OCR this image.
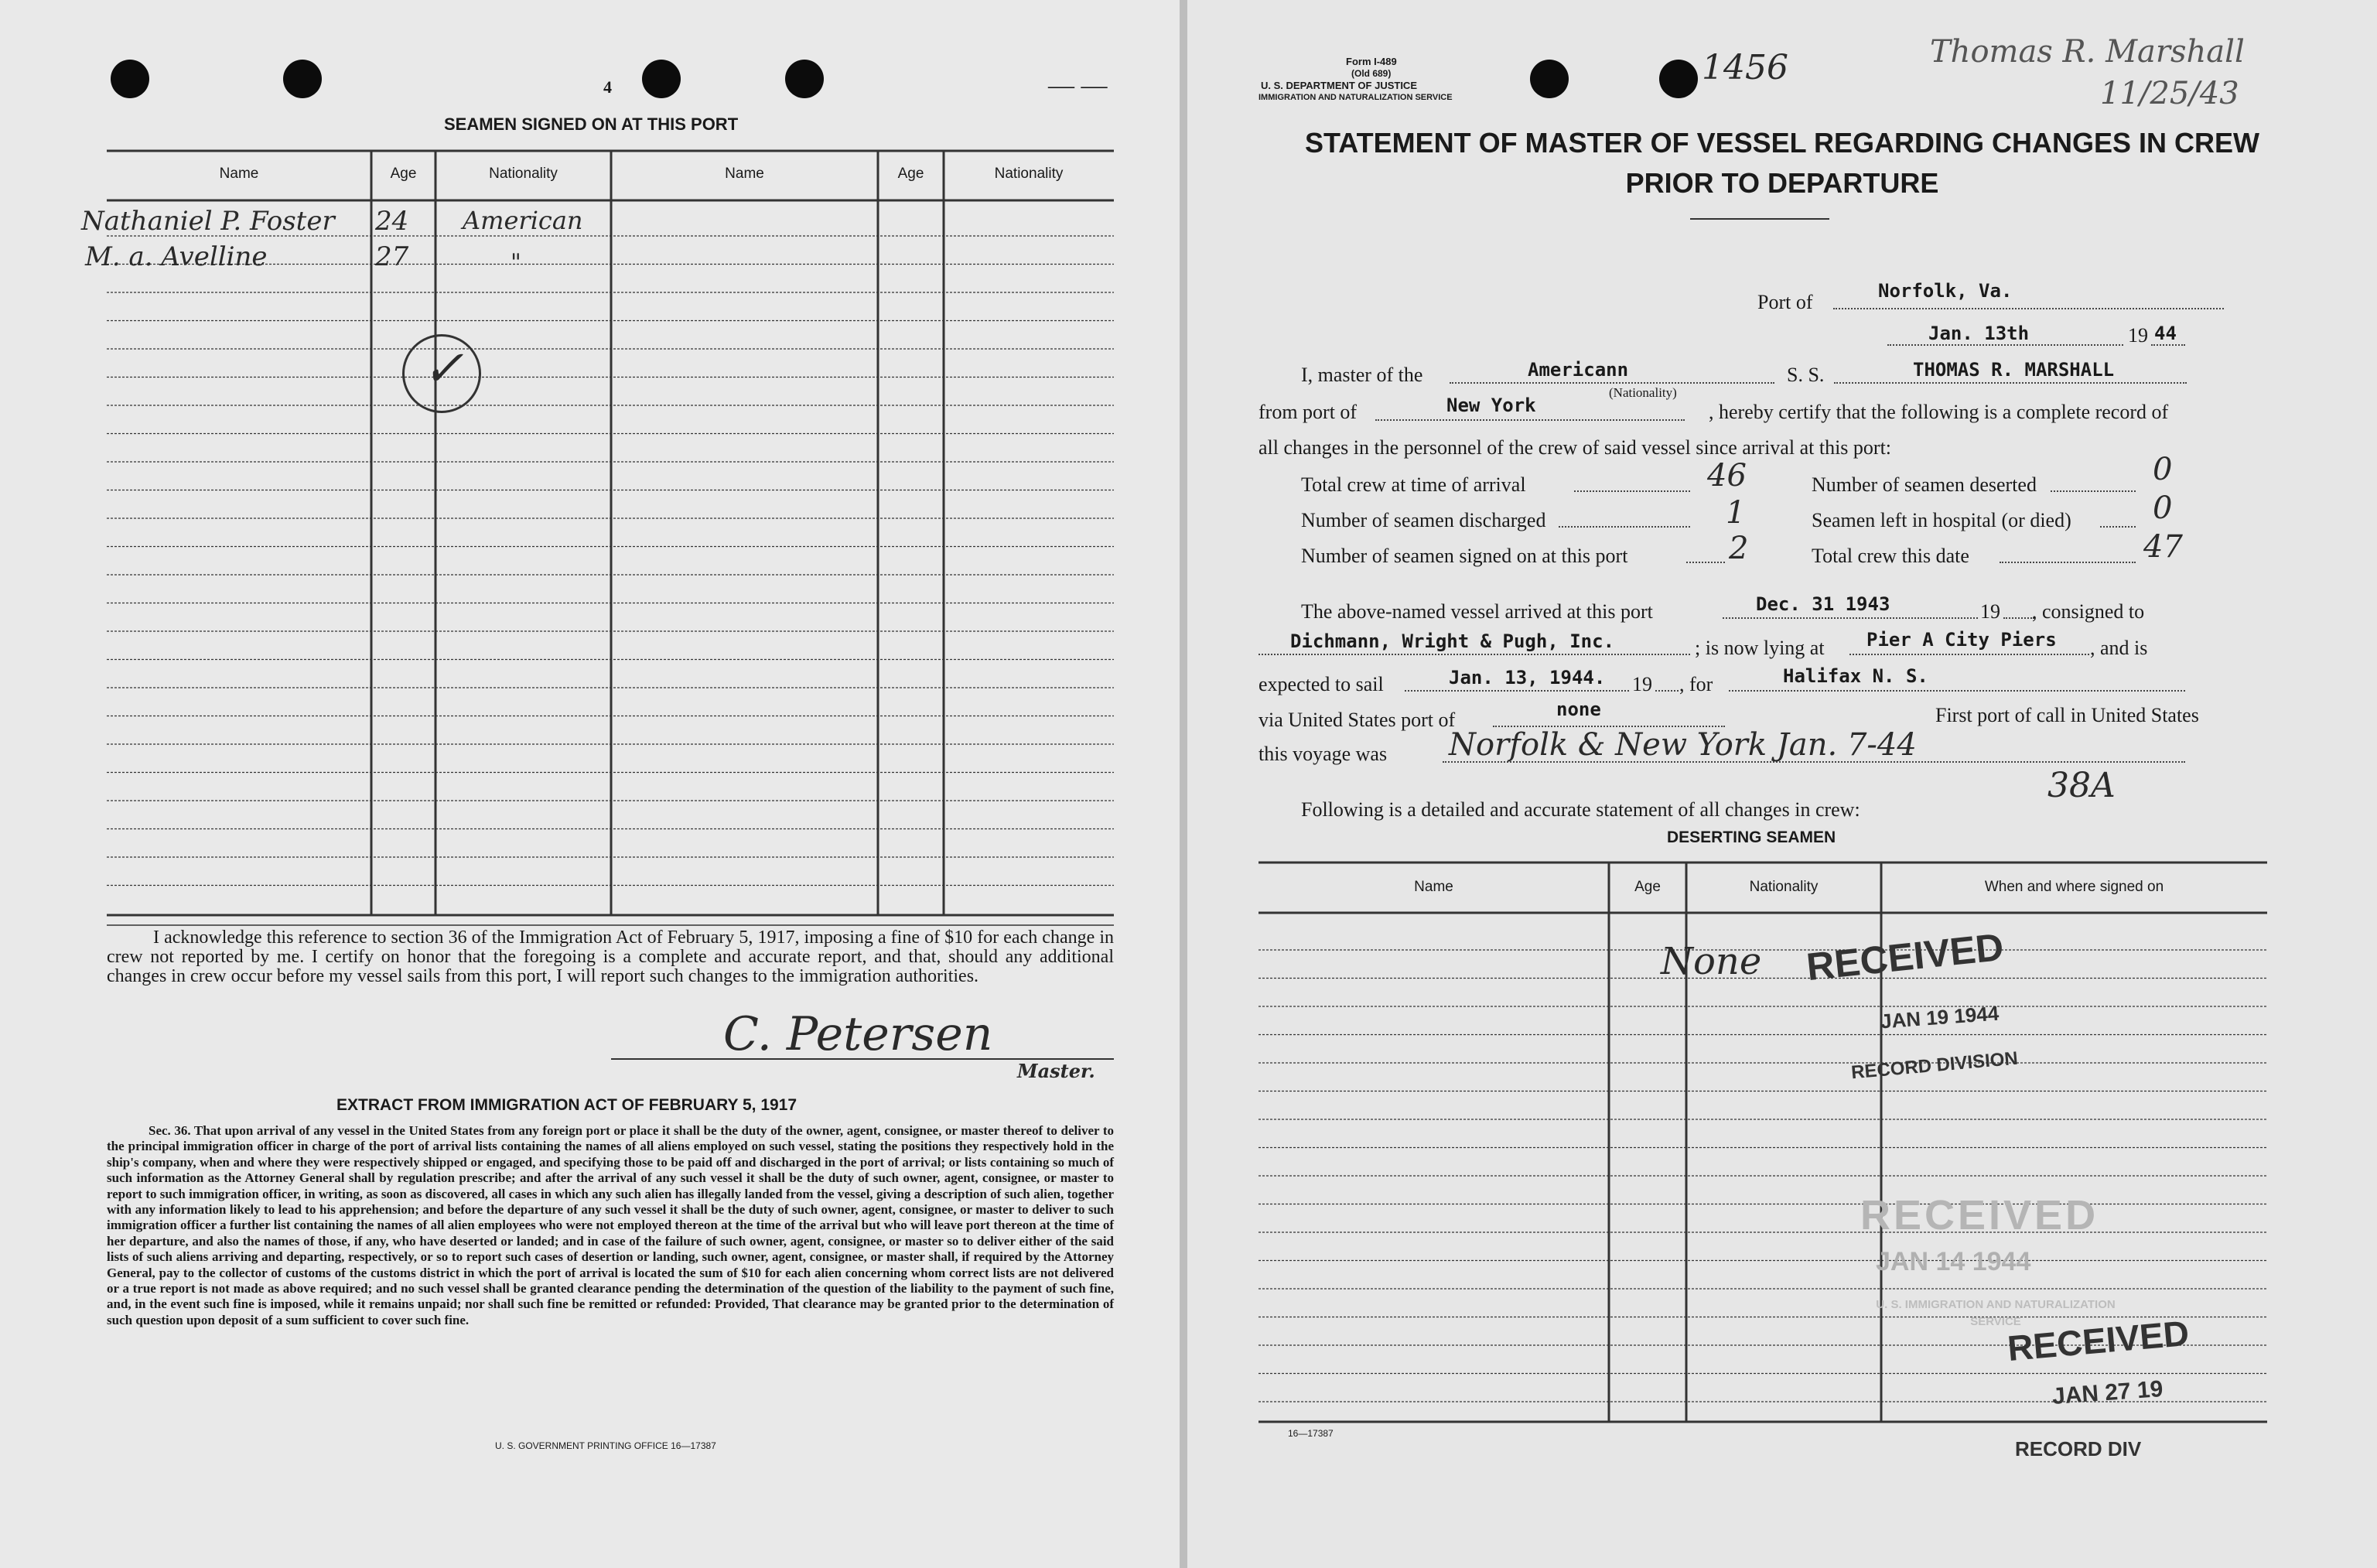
4	— —
SEAMEN SIGNED ON AT THIS PORT
Name	Age	Nationality	Name	Age	Nationality
Nathaniel P. Foster 24 American
M. a. Avelline	27	"
✓
I acknowledge this reference to section 36 of the Immigration Act of February 5, 1917, imposing a fine of $10 for each change in crew not reported by me. I certify on honor that the foregoing is a complete and accurate report, and that, should any additional changes in crew occur before my vessel sails from this port, I will report such changes to the immigration authorities.
C. Petersen
Master.
EXTRACT FROM IMMIGRATION ACT OF FEBRUARY 5, 1917
Sec. 36. That upon arrival of any vessel in the United States from any foreign port or place it shall be the duty of the owner, agent, consignee, or master thereof to deliver to the principal immigration officer in charge of the port of arrival lists containing the names of all aliens employed on such vessel, stating the positions they respectively hold in the ship's company, when and where they were respectively shipped or engaged, and specifying those to be paid off and discharged in the port of arrival; or lists containing so much of such information as the Attorney General shall by regulation prescribe; and after the arrival of any such vessel it shall be the duty of such owner, agent, consignee, or master to report to such immigration officer, in writing, as soon as discovered, all cases in which any such alien has illegally landed from the vessel, giving a description of such alien, together with any information likely to lead to his apprehension; and before the departure of any such vessel it shall be the duty of such owner, agent, consignee, or master to deliver to such immigration officer a further list containing the names of all alien employees who were not employed thereon at the time of the arrival but who will leave port thereon at the time of her departure, and also the names of those, if any, who have deserted or landed; and in case of the failure of such owner, agent, consignee, or master so to deliver either of the said lists of such aliens arriving and departing, respectively, or so to report such cases of desertion or landing, such owner, agent, consignee, or master shall, if required by the Attorney General, pay to the collector of customs of the customs district in which the port of arrival is located the sum of $10 for each alien concerning whom correct lists are not delivered or a true report is not made as above required; and no such vessel shall be granted clearance pending the determination of the question of the liability to the payment of such fine, and, in the event such fine is imposed, while it remains unpaid; nor shall such fine be remitted or refunded: Provided, That clearance may be granted prior to the determination of such question upon deposit of a sum sufficient to cover such fine.
U. S. GOVERNMENT PRINTING OFFICE 16—17387
Form I-489
(Old 689)
U. S. DEPARTMENT OF JUSTICE
IMMIGRATION AND NATURALIZATION SERVICE
1456	Thomas R. Marshall
11/25/43
STATEMENT OF MASTER OF VESSEL REGARDING CHANGES IN CREW
PRIOR TO DEPARTURE
Port of	Norfolk, Va.
Jan. 13th	19 44
I, master of the	Americann	S. S.	THOMAS R. MARSHALL
from port of	New York
(Nationality)
, hereby certify that the following is a complete record of
all changes in the personnel of the crew of said vessel since arrival at this port:
Total crew at time of arrival	46
Number of seamen discharged	1
Number of seamen signed on at this port	2
Number of seamen deserted	0
Seamen left in hospital (or died)	0
Total crew this date	47
The above-named vessel arrived at this port	Dec. 31 1943	19 , consigned to
Dichmann, Wright & Pugh, Inc.	; is now lying at Pier A City Piers , and is
expected to sail	Jan. 13, 1944. 19 , for	Halifax N. S.
via United States port of	none	First port of call in United States
this voyage was Norfolk & New York Jan. 7-44
38A
Following is a detailed and accurate statement of all changes in crew:
DESERTING SEAMEN
Name	Age	Nationality	When and where signed on
None RECEIVED
JAN 19 1944
RECORD DIVISION
RECEIVED
JAN 14 1944
U. S. IMMIGRATION AND NATURALIZATION SERVICE
RECEIVED
JAN 27 19
RECORD DIV
16—17387
